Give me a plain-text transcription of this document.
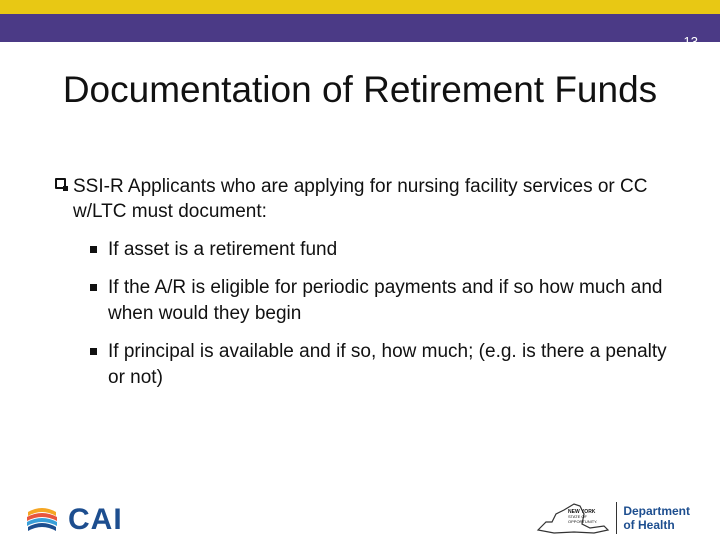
13
Documentation of Retirement Funds
SSI-R Applicants who are applying for nursing facility services or CC w/LTC must document:
If asset is a retirement fund
If the A/R is eligible for periodic payments and if so how much and when would they begin
If principal is available and if so, how much; (e.g. is there a penalty or not)
CAI	NEW YORK
STATE OF
OPPORTUNITY.
Department
of Health
